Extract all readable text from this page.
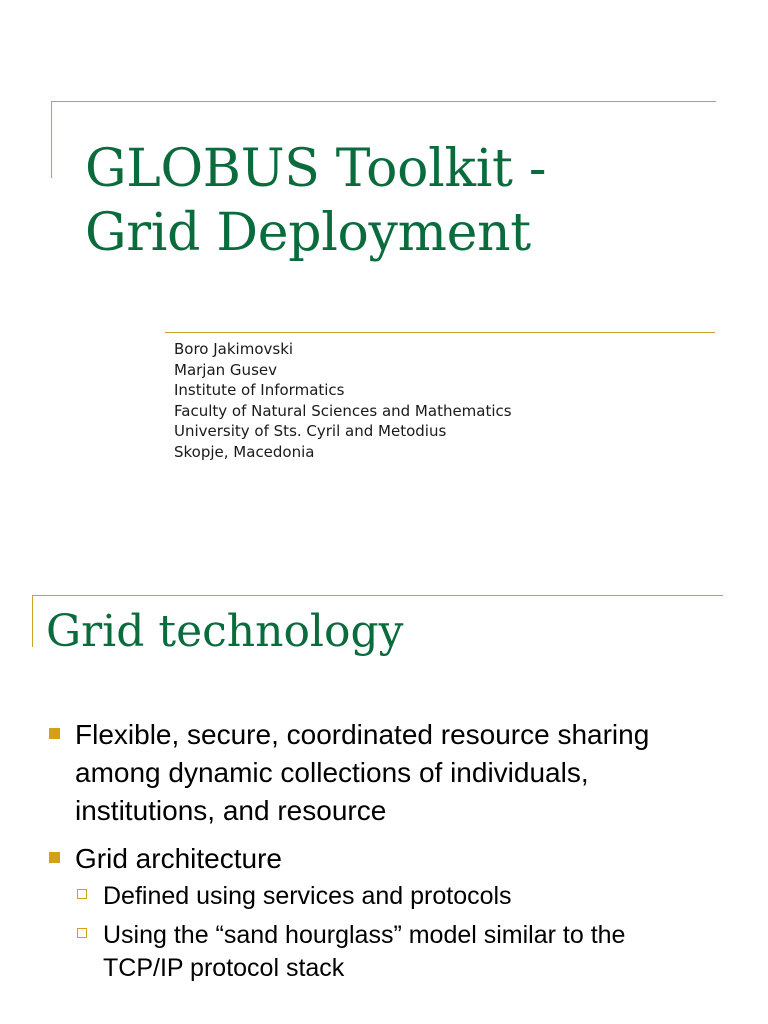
GLOBUS Toolkit -
Grid Deployment
Boro Jakimovski
Marjan Gusev
Institute of Informatics
Faculty of Natural Sciences and Mathematics
University of Sts. Cyril and Metodius
Skopje, Macedonia
Grid technology
Flexible, secure, coordinated resource sharing among dynamic collections of individuals, institutions, and resource
Grid architecture
Defined using services and protocols
Using the “sand hourglass” model similar to the TCP/IP protocol stack
